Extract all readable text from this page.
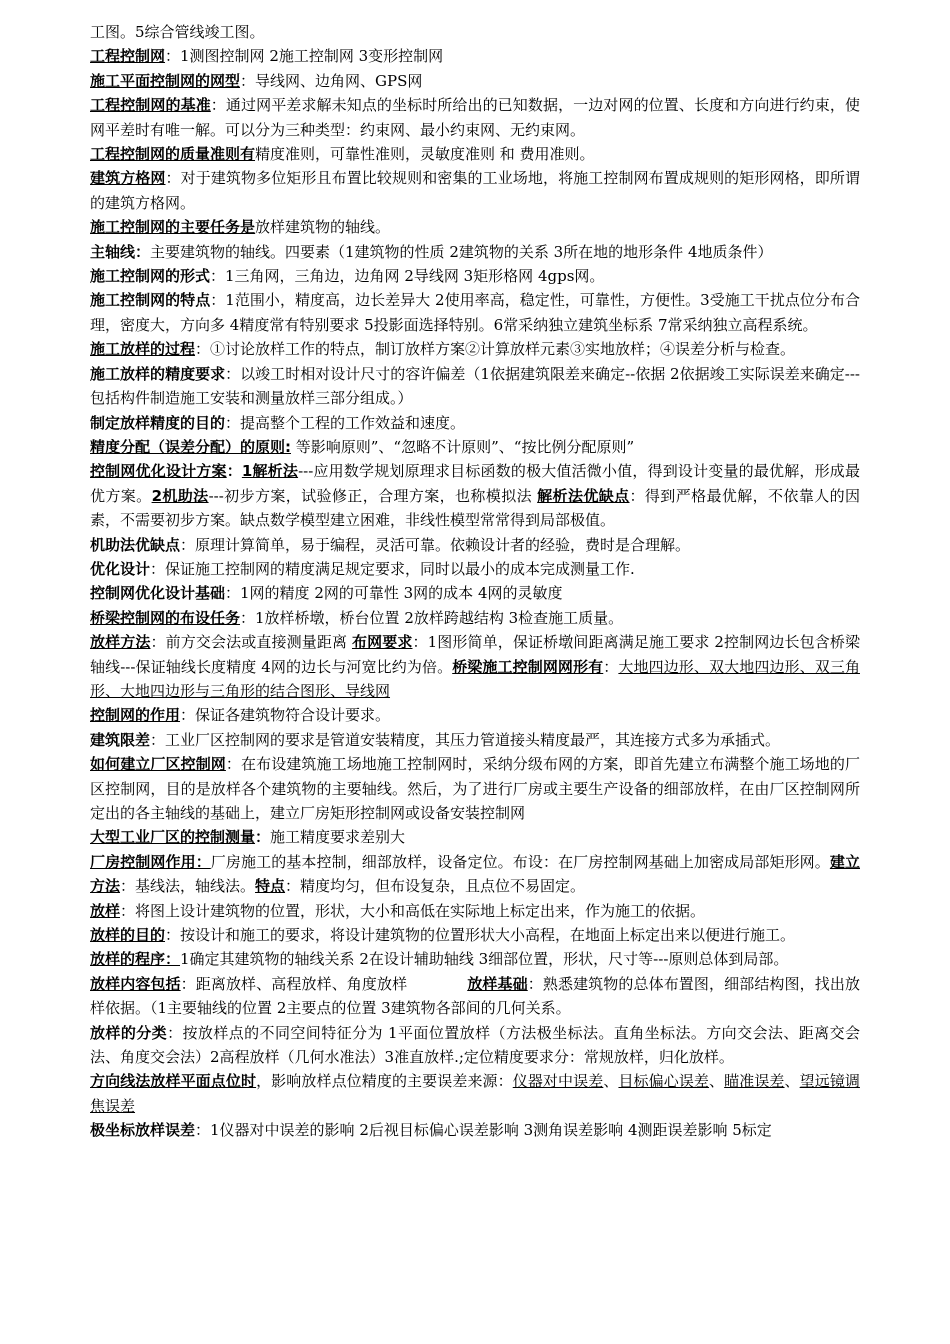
工图。5综合管线竣工图。
工程控制网：1测图控制网 2施工控制网 3变形控制网
施工平面控制网的网型：导线网、边角网、GPS网
工程控制网的基准：通过网平差求解未知点的坐标时所给出的已知数据，一边对网的位置、长度和方向进行约束，使网平差时有唯一解。可以分为三种类型：约束网、最小约束网、无约束网。
工程控制网的质量准则有精度准则，可靠性准则，灵敏度准则 和 费用准则。
建筑方格网：对于建筑物多位矩形且布置比较规则和密集的工业场地，将施工控制网布置成规则的矩形网格，即所谓的建筑方格网。
施工控制网的主要任务是放样建筑物的轴线。
主轴线：主要建筑物的轴线。四要素（1建筑物的性质 2建筑物的关系 3所在地的地形条件 4地质条件）
施工控制网的形式：1三角网，三角边，边角网 2导线网 3矩形格网 4gps网。
施工控制网的特点：1范围小，精度高，边长差异大 2使用率高，稳定性，可靠性，方便性。3受施工干扰点位分布合理，密度大，方向多 4精度常有特别要求 5投影面选择特别。6常采纳独立建筑坐标系 7常采纳独立高程系统。
施工放样的过程：①讨论放样工作的特点，制订放样方案②计算放样元素③实地放样；④误差分析与检查。
施工放样的精度要求：以竣工时相对设计尺寸的容许偏差（1依据建筑限差来确定--依据 2依据竣工实际误差来确定---包括构件制造施工安装和测量放样三部分组成。）
制定放样精度的目的：提高整个工程的工作效益和速度。
精度分配（误差分配）的原则: 等影响原则”、“忽略不计原则”、“按比例分配原则”
控制网优化设计方案：1解析法---应用数学规划原理求目标函数的极大值活微小值，得到设计变量的最优解，形成最优方案。2机助法---初步方案，试验修正，合理方案，也称模拟法 解析法优缺点：得到严格最优解，不依靠人的因素，不需要初步方案。缺点数学模型建立困难，非线性模型常常得到局部极值。
机助法优缺点：原理计算简单，易于编程，灵活可靠。依赖设计者的经验，费时是合理解。
优化设计：保证施工控制网的精度满足规定要求，同时以最小的成本完成测量工作.
控制网优化设计基础：1网的精度 2网的可靠性 3网的成本 4网的灵敏度
桥梁控制网的布设任务：1放样桥墩，桥台位置 2放样跨越结构 3检查施工质量。
放样方法：前方交会法或直接测量距离 布网要求：1图形简单，保证桥墩间距离满足施工要求 2控制网边长包含桥梁轴线---保证轴线长度精度 4网的边长与河宽比约为倍。桥梁施工控制网网形有：大地四边形、双大地四边形、双三角形、大地四边形与三角形的结合图形、导线网
控制网的作用：保证各建筑物符合设计要求。
建筑限差：工业厂区控制网的要求是管道安装精度，其压力管道接头精度最严，其连接方式多为承插式。
如何建立厂区控制网：在布设建筑施工场地施工控制网时，采纳分级布网的方案，即首先建立布满整个施工场地的厂区控制网，目的是放样各个建筑物的主要轴线。然后，为了进行厂房或主要生产设备的细部放样，在由厂区控制网所定出的各主轴线的基础上，建立厂房矩形控制网或设备安装控制网
大型工业厂区的控制测量：施工精度要求差别大
厂房控制网作用：厂房施工的基本控制，细部放样，设备定位。布设：在厂房控制网基础上加密成局部矩形网。建立方法：基线法，轴线法。特点：精度均匀，但布设复杂，且点位不易固定。
放样：将图上设计建筑物的位置，形状，大小和高低在实际地上标定出来，作为施工的依据。
放样的目的：按设计和施工的要求，将设计建筑物的位置形状大小高程，在地面上标定出来以便进行施工。
放样的程序：1确定其建筑物的轴线关系 2在设计辅助轴线 3细部位置，形状，尺寸等---原则总体到局部。
放样内容包括：距离放样、高程放样、角度放样	放样基础：熟悉建筑物的总体布置图，细部结构图，找出放样依据。（1主要轴线的位置 2主要点的位置 3建筑物各部间的几何关系。
放样的分类：按放样点的不同空间特征分为 1平面位置放样（方法极坐标法。直角坐标法。方向交会法、距离交会法、角度交会法）2高程放样（几何水准法）3准直放样.;定位精度要求分：常规放样，归化放样。
方向线法放样平面点位时，影响放样点位精度的主要误差来源：仪器对中误差、目标偏心误差、瞄准误差、望远镜调焦误差
极坐标放样误差：1仪器对中误差的影响 2后视目标偏心误差影响 3测角误差影响 4测距误差影响 5标定
